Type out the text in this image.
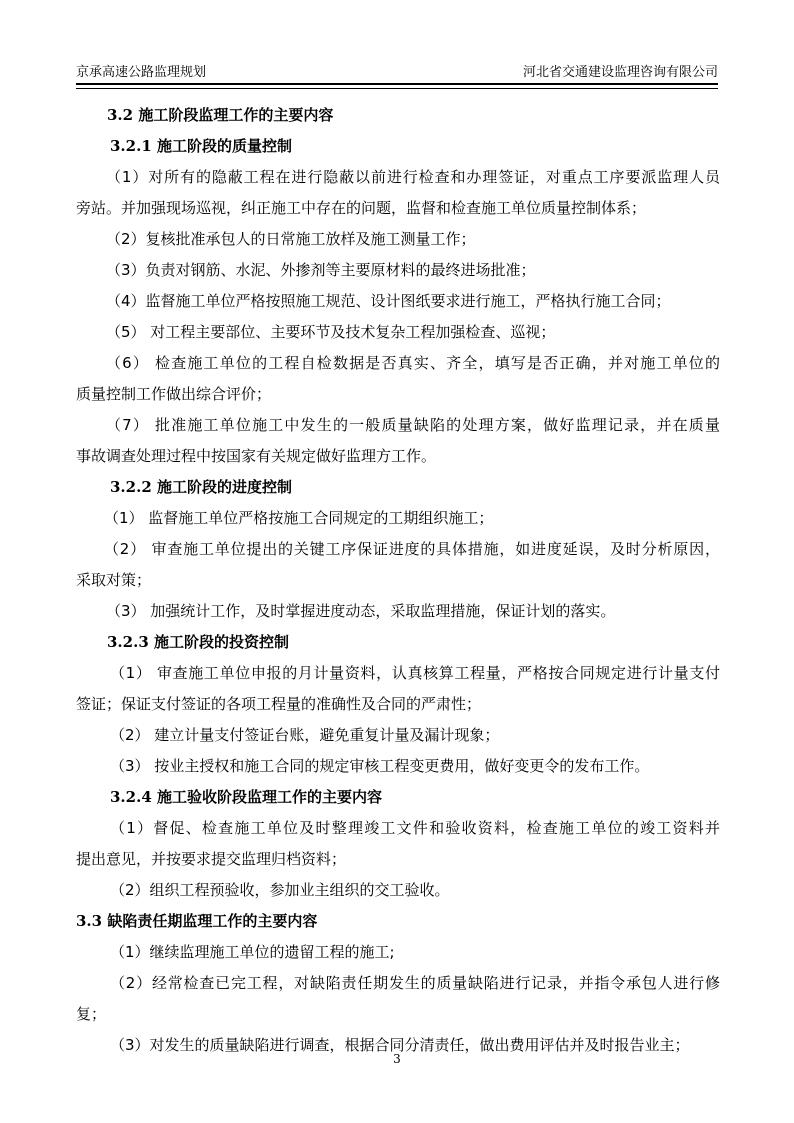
京承高速公路监理规划	河北省交通建设监理咨询有限公司
3.2 施工阶段监理工作的主要内容
3.2.1 施工阶段的质量控制
（1）对所有的隐蔽工程在进行隐蔽以前进行检查和办理签证，对重点工序要派监理人员
旁站。并加强现场巡视，纠正施工中存在的问题，监督和检查施工单位质量控制体系；
（2）复核批准承包人的日常施工放样及施工测量工作；
（3）负责对钢筋、水泥、外掺剂等主要原材料的最终进场批准；
（4）监督施工单位严格按照施工规范、设计图纸要求进行施工，严格执行施工合同；
（5） 对工程主要部位、主要环节及技术复杂工程加强检查、巡视；
（6） 检查施工单位的工程自检数据是否真实、齐全，填写是否正确，并对施工单位的
质量控制工作做出综合评价；
（7） 批准施工单位施工中发生的一般质量缺陷的处理方案，做好监理记录，并在质量
事故调查处理过程中按国家有关规定做好监理方工作。
3.2.2 施工阶段的进度控制
（1） 监督施工单位严格按施工合同规定的工期组织施工；
（2） 审查施工单位提出的关键工序保证进度的具体措施，如进度延误，及时分析原因，
采取对策；
（3） 加强统计工作，及时掌握进度动态，采取监理措施，保证计划的落实。
3.2.3 施工阶段的投资控制
（1） 审查施工单位申报的月计量资料，认真核算工程量，严格按合同规定进行计量支付
签证；保证支付签证的各项工程量的准确性及合同的严肃性；
（2） 建立计量支付签证台账，避免重复计量及漏计现象；
（3） 按业主授权和施工合同的规定审核工程变更费用，做好变更令的发布工作。
3.2.4 施工验收阶段监理工作的主要内容
（1）督促、检查施工单位及时整理竣工文件和验收资料，检查施工单位的竣工资料并
提出意见，并按要求提交监理归档资料；
（2）组织工程预验收，参加业主组织的交工验收。
3.3 缺陷责任期监理工作的主要内容
（1）继续监理施工单位的遗留工程的施工;
（2）经常检查已完工程，对缺陷责任期发生的质量缺陷进行记录，并指令承包人进行修
复；
（3）对发生的质量缺陷进行调查，根据合同分清责任，做出费用评估并及时报告业主；
3
